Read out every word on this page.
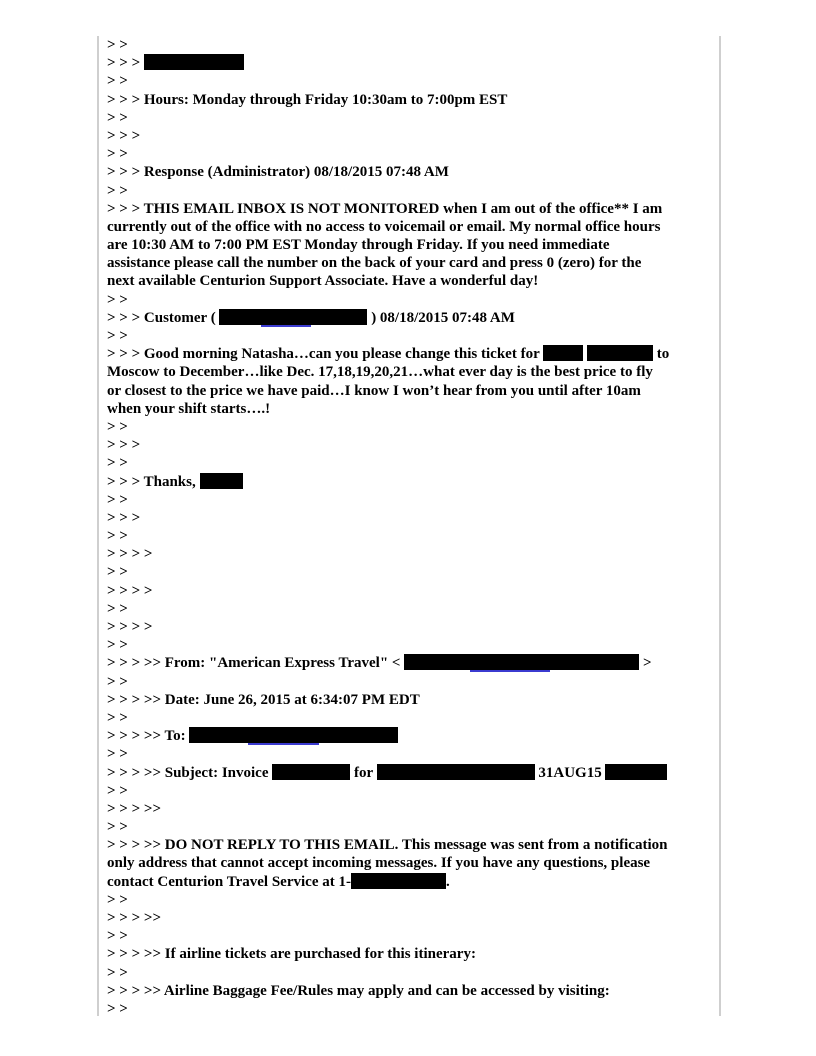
> >
> > >
> >
> > > Hours: Monday through Friday 10:30am to 7:00pm EST
> >
> > >
> >
> > > Response (Administrator) 08/18/2015 07:48 AM
> >
> > > THIS EMAIL INBOX IS NOT MONITORED when I am out of the office** I am
currently out of the office with no access to voicemail or email. My normal office hours
are 10:30 AM to 7:00 PM EST Monday through Friday. If you need immediate
assistance please call the number on the back of your card and press 0 (zero) for the
next available Centurion Support Associate. Have a wonderful day!
> >
> > > Customer (	) 08/18/2015 07:48 AM
> >
> > > Good morning Natasha…can you please change this ticket for	to
Moscow to December…like Dec. 17,18,19,20,21…what ever day is the best price to fly
or closest to the price we have paid…I know I won’t hear from you until after 10am
when your shift starts….!
> >
> > >
> >
> > > Thanks,
> >
> > >
> >
> > > >
> >
> > > >
> >
> > > >
> >
> > > >> From: "American Express Travel" <	>
> >
> > > >> Date: June 26, 2015 at 6:34:07 PM EDT
> >
> > > >> To:
> >
> > > >> Subject: Invoice	for	31AUG15
> >
> > > >>
> >
> > > >> DO NOT REPLY TO THIS EMAIL. This message was sent from a notification
only address that cannot accept incoming messages. If you have any questions, please
contact Centurion Travel Service at 1-	.
> >
> > > >>
> >
> > > >> If airline tickets are purchased for this itinerary:
> >
> > > >> Airline Baggage Fee/Rules may apply and can be accessed by visiting:
> >
